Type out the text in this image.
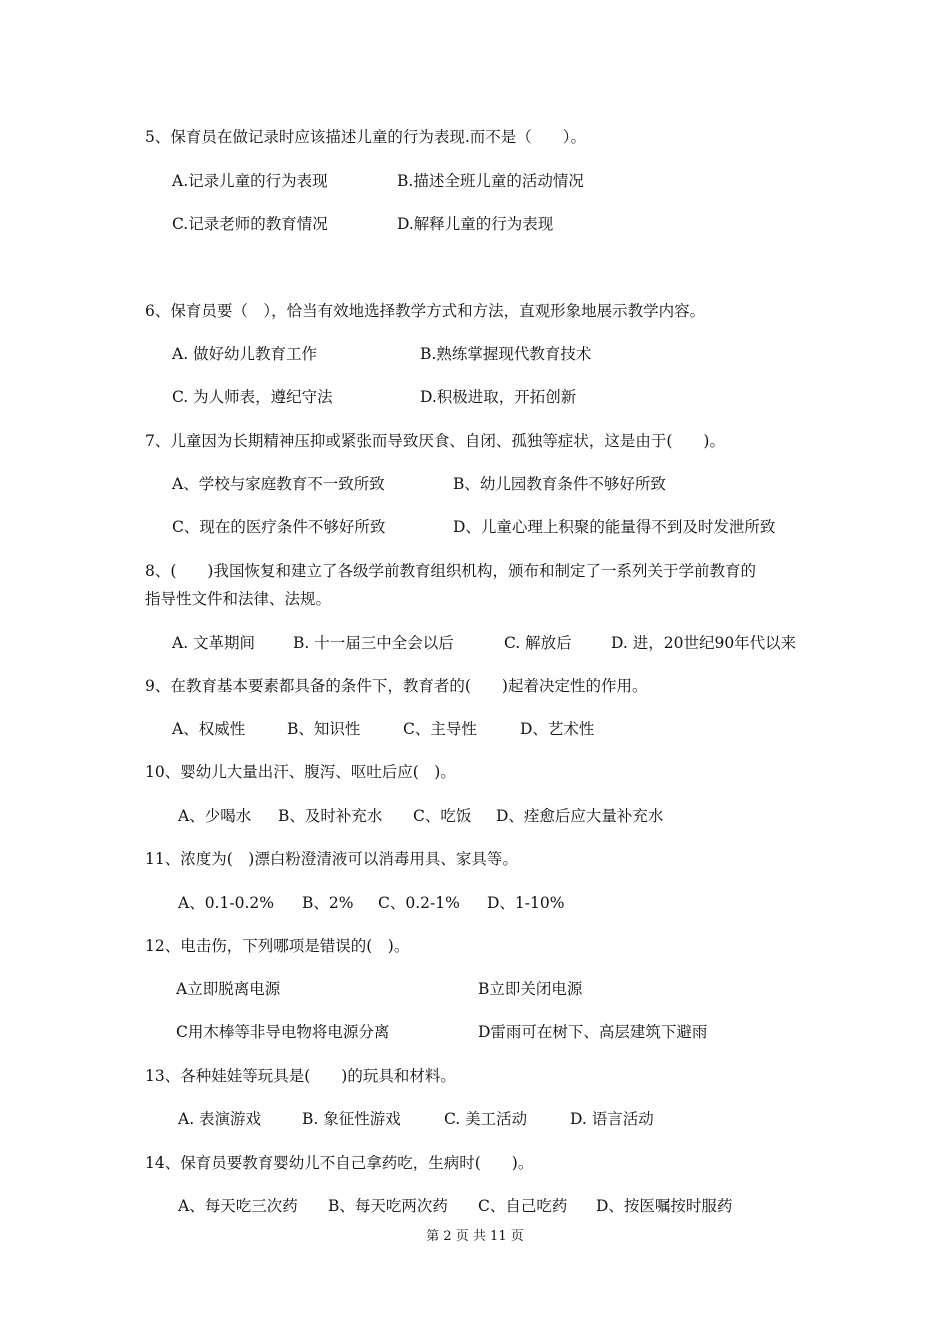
5、保育员在做记录时应该描述儿童的行为表现.而不是（　　）。
A.记录儿童的行为表现	B.描述全班儿童的活动情况
C.记录老师的教育情况	D.解释儿童的行为表现
6、保育员要（　），恰当有效地选择教学方式和方法，直观形象地展示教学内容。
A. 做好幼儿教育工作	B.熟练掌握现代教育技术
C. 为人师表，遵纪守法	D.积极进取，开拓创新
7、儿童因为长期精神压抑或紧张而导致厌食、自闭、孤独等症状，这是由于(　　)。
A、学校与家庭教育不一致所致	B、幼儿园教育条件不够好所致
C、现在的医疗条件不够好所致	D、儿童心理上积聚的能量得不到及时发泄所致
8、(　　)我国恢复和建立了各级学前教育组织机构，颁布和制定了一系列关于学前教育的
指导性文件和法律、法规。
A. 文革期间 B. 十一届三中全会以后	C. 解放后	D. 进，20世纪90年代以来
9、在教育基本要素都具备的条件下，教育者的(　　)起着决定性的作用。
A、权威性	B、知识性	C、主导性	D、艺术性
10、婴幼儿大量出汗、腹泻、呕吐后应(　)。
A、少喝水 B、及时补充水 C、吃饭 D、痊愈后应大量补充水
11、浓度为(　)漂白粉澄清液可以消毒用具、家具等。
A、0.1-0.2% B、2% C、0.2-1% D、1-10%
12、电击伤，下列哪项是错误的(　)。
A立即脱离电源	B立即关闭电源
C用木棒等非导电物将电源分离	D雷雨可在树下、高层建筑下避雨
13、各种娃娃等玩具是(　　)的玩具和材料。
A. 表演游戏	B. 象征性游戏	C. 美工活动	D. 语言活动
14、保育员要教育婴幼儿不自己拿药吃，生病时(　　)。
A、每天吃三次药 B、每天吃两次药 C、自己吃药 D、按医嘱按时服药
第 2 页 共 11 页
